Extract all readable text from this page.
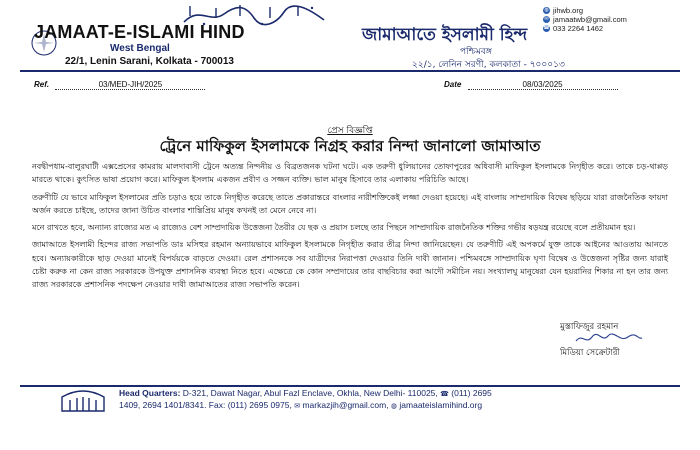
JAMAAT-E-ISLAMI HIND
West Bengal
22/1, Lenin Sarani, Kolkata - 700013
জামাআতে ইসলামী হিন্দ
পশ্চিমবঙ্গ
২২/১, লেনিন সরণী, কলকাতা - ৭০০০১৩
◍ jihwb.org
✉ jamaatwb@gmail.com
☎ 033 2264 1462
Ref.	03/MED-JIH/2025	Date	08/03/2025
প্রেস বিজ্ঞপ্তি
ট্রেনে মাফিকুল ইসলামকে নিগ্রহ করার নিন্দা জানালো জামাআত

নবদ্বীপধাম-বালুরঘাটী এক্সপ্রেসের কামরায় মালদাবাসী ট্রেনে অত্যন্ত নিন্দনীয় ও বিব্রতজনক ঘটনা ঘটে। এক তরুণী ধুলিয়ানের তোফাপুরের অধিবাসী মাফিকুল ইসলামকে নিগৃহীত করে। তাকে চড়-থাপ্পড় মারতে থাকে। কুৎসিত ভাষা প্রয়োগ করে। মাফিকুল ইসলাম একজন প্রবীণ ও সজ্জন ব্যক্তি। ভাল মানুষ হিসাবে তার এলাকায় পরিচিতি আছে।

তরুণীটি যে ভাবে মাফিকুল ইসলামের প্রতি চড়াও হয়ে তাকে নিগৃহীত করেছে তাতে প্রকারান্তরে বাংলার নারীশক্তিকেই লজ্জা দেওয়া হয়েছে। এই বাংলায় সাম্প্রদায়িক বিদ্বেষ ছড়িয়ে যারা রাজনৈতিক ফায়দা অর্জন করতে চাইছে, তাদের জানা উচিত বাংলার শান্তিপ্রিয় মানুষ কখনই তা মেনে নেবে না।

মনে রাখতে হবে, অন্যান্য রাজ্যের মত এ রাজ্যেও বেশ সাম্প্রদায়িক উত্তেজনা তৈরীর যে ছক ও প্রয়াস চলছে তার পিছনে সাম্প্রদায়িক রাজনৈতিক শক্তির গভীর ষড়যন্ত্র রয়েছে বলে প্রতীয়মান হয়।

জামাআতে ইসলামী হিন্দের রাজ্য সভাপতি ডাঃ মসিহুর রহমান অন্যায়ভাবে মাফিকুল ইসলামকে নিগৃহীত করার তীব্র নিন্দা জানিয়েছেন। যে তরুণীটি এই অপকর্মে যুক্ত তাকে আইনের আওতায় আনতে হবে। অন্যায়কারীকে ছাড় দেওয়া মানেই বিপর্যয়কে বাড়তে দেওয়া। রেল প্রশাসনকে সব যাত্রীদের নিরাপত্তা দেওয়ার তিনি দাবী জানান। পশ্চিমবঙ্গে সাম্প্রদায়িক ঘৃণা বিদ্বেষ ও উত্তেজনা সৃষ্টির জন্য যারাই চেষ্টা করুক না কেন রাজ্য সরকারকে উপযুক্ত প্রশাসনিক ব্যবস্থা নিতে হবে। এক্ষেত্রে কে কোন সম্প্রদায়ের তার বাছবিচার করা আদৌ সমীচিন নয়। সংখ্যালঘু মানুষেরা যেন হয়রানির শিকার না হন তার জন্য রাজ্য সরকারকে প্রশাসনিক পদক্ষেপ নেওয়ার দাবী জামাআতের রাজ্য সভাপতি করেন।

মুস্তাফিজুর রহমান
মিডিয়া সেক্রেটারী
Head Quarters: D-321, Dawat Nagar, Abul Fazl Enclave, Okhla, New Delhi- 110025, ☎ (011) 2695
1409, 2694 1401/8341. Fax: (011) 2695 0975, ✉ markazjih@gmail.com, ◍ jamaateislamihind.org
